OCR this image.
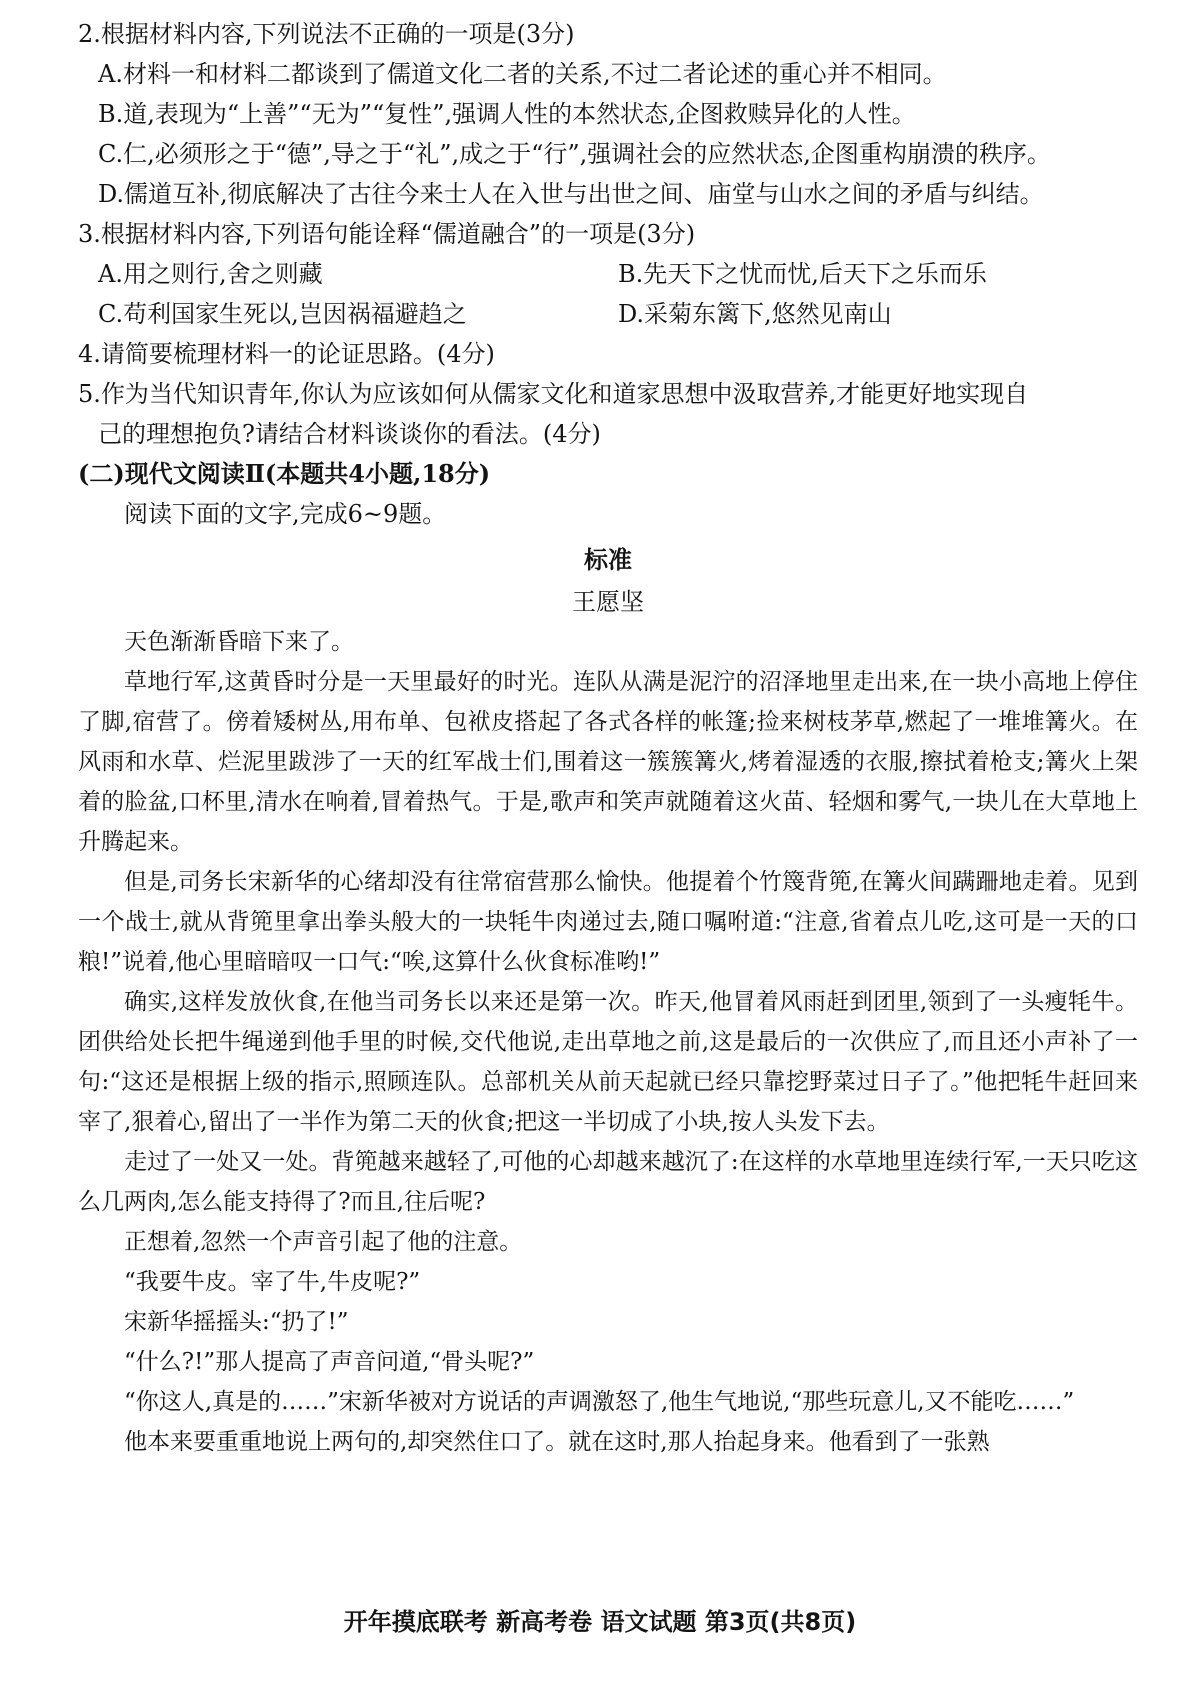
2.根据材料内容,下列说法不正确的一项是(3分)
A.材料一和材料二都谈到了儒道文化二者的关系,不过二者论述的重心并不相同。
B.道,表现为“上善”“无为”“复性”,强调人性的本然状态,企图救赎异化的人性。
C.仁,必须形之于“德”,导之于“礼”,成之于“行”,强调社会的应然状态,企图重构崩溃的秩序。
D.儒道互补,彻底解决了古往今来士人在入世与出世之间、庙堂与山水之间的矛盾与纠结。
3.根据材料内容,下列语句能诠释“儒道融合”的一项是(3分)
A.用之则行,舍之则藏	B.先天下之忧而忧,后天下之乐而乐
C.苟利国家生死以,岂因祸福避趋之	D.采菊东篱下,悠然见南山
4.请简要梳理材料一的论证思路。(4分)
5.作为当代知识青年,你认为应该如何从儒家文化和道家思想中汲取营养,才能更好地实现自
己的理想抱负?请结合材料谈谈你的看法。(4分)
(二)现代文阅读Ⅱ(本题共4小题,18分)
阅读下面的文字,完成6~9题。
标准
王愿坚
天色渐渐昏暗下来了。
草地行军,这黄昏时分是一天里最好的时光。连队从满是泥泞的沼泽地里走出来,在一块小高地上停住了脚,宿营了。傍着矮树丛,用布单、包袱皮搭起了各式各样的帐篷;捡来树枝茅草,燃起了一堆堆篝火。在风雨和水草、烂泥里跋涉了一天的红军战士们,围着这一簇簇篝火,烤着湿透的衣服,擦拭着枪支;篝火上架着的脸盆,口杯里,清水在响着,冒着热气。于是,歌声和笑声就随着这火苗、轻烟和雾气,一块儿在大草地上升腾起来。
但是,司务长宋新华的心绪却没有往常宿营那么愉快。他提着个竹篾背篼,在篝火间蹒跚地走着。见到一个战士,就从背篼里拿出拳头般大的一块牦牛肉递过去,随口嘱咐道:“注意,省着点儿吃,这可是一天的口粮!”说着,他心里暗暗叹一口气:“唉,这算什么伙食标准哟!”
确实,这样发放伙食,在他当司务长以来还是第一次。昨天,他冒着风雨赶到团里,领到了一头瘦牦牛。团供给处长把牛绳递到他手里的时候,交代他说,走出草地之前,这是最后的一次供应了,而且还小声补了一句:“这还是根据上级的指示,照顾连队。总部机关从前天起就已经只靠挖野菜过日子了。”他把牦牛赶回来宰了,狠着心,留出了一半作为第二天的伙食;把这一半切成了小块,按人头发下去。
走过了一处又一处。背篼越来越轻了,可他的心却越来越沉了:在这样的水草地里连续行军,一天只吃这么几两肉,怎么能支持得了?而且,往后呢?
正想着,忽然一个声音引起了他的注意。
“我要牛皮。宰了牛,牛皮呢?”
宋新华摇摇头:“扔了!”
“什么?!”那人提高了声音问道,“骨头呢?”
“你这人,真是的……”宋新华被对方说话的声调激怒了,他生气地说,“那些玩意儿,又不能吃……”
他本来要重重地说上两句的,却突然住口了。就在这时,那人抬起身来。他看到了一张熟
开年摸底联考 新高考卷 语文试题 第3页(共8页)
